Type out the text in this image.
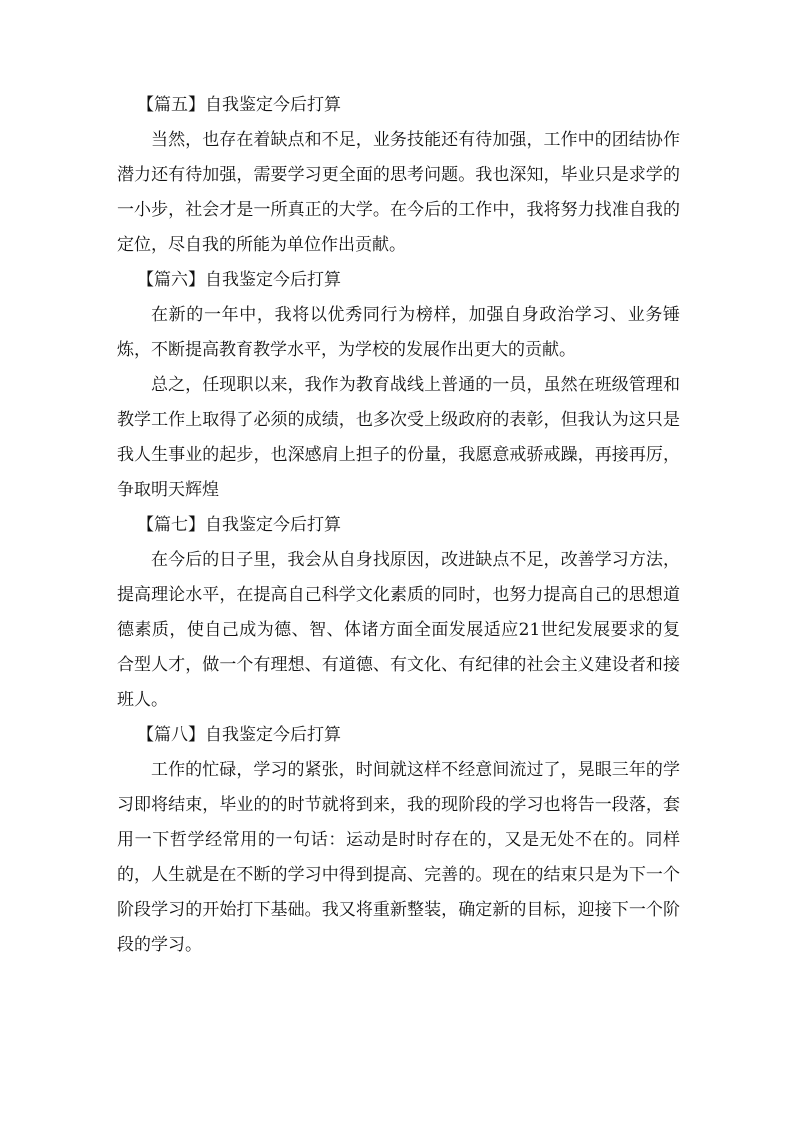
【篇五】自我鉴定今后打算

当然，也存在着缺点和不足，业务技能还有待加强，工作中的团结协作潜力还有待加强，需要学习更全面的思考问题。我也深知，毕业只是求学的一小步，社会才是一所真正的大学。在今后的工作中，我将努力找准自我的定位，尽自我的所能为单位作出贡献。

【篇六】自我鉴定今后打算

在新的一年中，我将以优秀同行为榜样，加强自身政治学习、业务锤炼，不断提高教育教学水平，为学校的发展作出更大的贡献。

总之，任现职以来，我作为教育战线上普通的一员，虽然在班级管理和教学工作上取得了必须的成绩，也多次受上级政府的表彰，但我认为这只是我人生事业的起步，也深感肩上担子的份量，我愿意戒骄戒躁，再接再厉，争取明天辉煌

【篇七】自我鉴定今后打算

在今后的日子里，我会从自身找原因，改进缺点不足，改善学习方法，提高理论水平，在提高自己科学文化素质的同时，也努力提高自己的思想道德素质，使自己成为德、智、体诸方面全面发展适应21世纪发展要求的复合型人才，做一个有理想、有道德、有文化、有纪律的社会主义建设者和接班人。

【篇八】自我鉴定今后打算

工作的忙碌，学习的紧张，时间就这样不经意间流过了，晃眼三年的学习即将结束，毕业的的时节就将到来，我的现阶段的学习也将告一段落，套用一下哲学经常用的一句话：运动是时时存在的，又是无处不在的。同样的，人生就是在不断的学习中得到提高、完善的。现在的结束只是为下一个阶段学习的开始打下基础。我又将重新整装，确定新的目标，迎接下一个阶段的学习。
